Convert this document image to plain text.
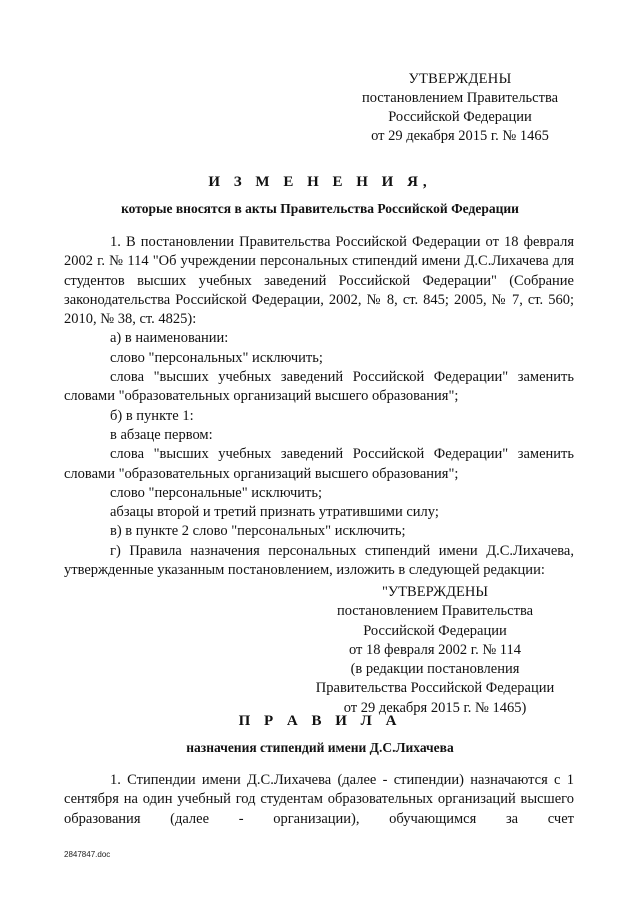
УТВЕРЖДЕНЫ
постановлением Правительства
Российской Федерации
от 29 декабря 2015 г. № 1465
И З М Е Н Е Н И Я,
которые вносятся в акты Правительства Российской Федерации

1. В постановлении Правительства Российской Федерации от 18 февраля 2002 г. № 114 "Об учреждении персональных стипендий имени Д.С.Лихачева для студентов высших учебных заведений Российской Федерации" (Собрание законодательства Российской Федерации, 2002, № 8, ст. 845; 2005, № 7, ст. 560; 2010, № 38, ст. 4825):

а) в наименовании:

слово "персональных" исключить;

слова "высших учебных заведений Российской Федерации" заменить словами "образовательных организаций высшего образования";

б) в пункте 1:

в абзаце первом:

слова "высших учебных заведений Российской Федерации" заменить словами "образовательных организаций высшего образования";

слово "персональные" исключить;

абзацы второй и третий признать утратившими силу;

в) в пункте 2 слово "персональных" исключить;

г) Правила назначения персональных стипендий имени Д.С.Лихачева, утвержденные указанным постановлением, изложить в следующей редакции:

"УТВЕРЖДЕНЫ
постановлением Правительства
Российской Федерации
от 18 февраля 2002 г. № 114
(в редакции постановления
Правительства Российской Федерации
от 29 декабря 2015 г. № 1465)
П Р А В И Л А
назначения стипендий имени Д.С.Лихачева

1. Стипендии имени Д.С.Лихачева (далее - стипендии) назначаются с 1 сентября на один учебный год студентам образовательных организаций высшего образования (далее - организации), обучающимся за счет

2847847.doc
